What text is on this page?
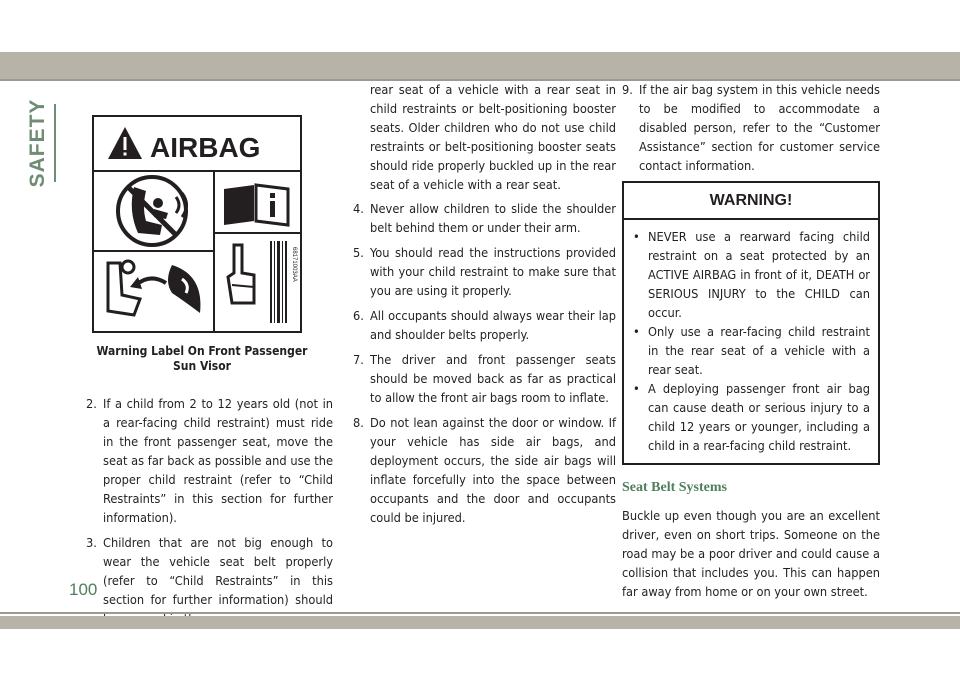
SAFETY	AIRBAG
68171003AA
Warning Label On Front Passenger Sun Visor
2. If a child from 2 to 12 years old (not in a rear-facing child restraint) must ride in the front passenger seat, move the seat as far back as possible and use the proper child restraint (refer to “Child Restraints” in this section for further information).
3. Children that are not big enough to wear the vehicle seat belt properly (refer to “Child Restraints” in this section for further information) should
rear seat of a vehicle with a rear seat in child restraints or belt-positioning booster seats. Older children who do not use child restraints or belt-positioning booster seats should ride properly buckled up in the rear seat of a vehicle with a rear seat.
4. Never allow children to slide the shoulder belt behind them or under their arm.
5. You should read the instructions provided with your child restraint to make sure that you are using it properly.
6. All occupants should always wear their lap and shoulder belts properly.
7. The driver and front passenger seats should be moved back as far as practical to allow the front air bags room to inflate.
8. Do not lean against the door or window. If your vehicle has side air bags, and deployment occurs, the side air bags will inflate forcefully into the space between occupants and the door and occupants could be injured.
9. If the air bag system in this vehicle needs to be modified to accommodate a disabled person, refer to the “Customer Assistance” section for customer service contact information.
WARNING!
• NEVER use a rearward facing child restraint on a seat protected by an ACTIVE AIRBAG in front of it, DEATH or SERIOUS INJURY to the CHILD can occur.
• Only use a rear-facing child restraint in the rear seat of a vehicle with a rear seat.
• A deploying passenger front air bag can cause death or serious injury to a child 12 years or younger, including a child in a rear-facing child restraint.
Seat Belt Systems

Buckle up even though you are an excellent driver, even on short trips. Someone on the road may be a poor driver and could cause a collision that includes you. This can happen far away from home or on your own street.

100
